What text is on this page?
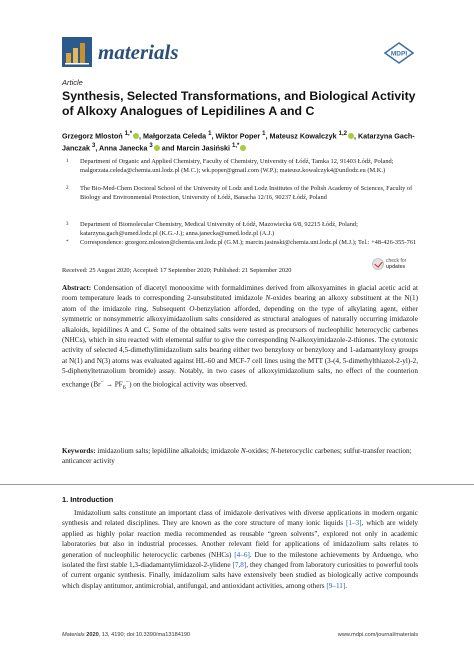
materials	MDPI
Article
Synthesis, Selected Transformations, and Biological Activity of Alkoxy Analogues of Lepidilines A and C
Grzegorz Mlostoń $^{1,*}$ , Małgorzata Celeda $^1$, Wiktor Poper $^1$, Mateusz Kowalczyk $^{1,2}$ , Katarzyna Gach-Janczak $^3$, Anna Janecka $^3$ and Marcin Jasiński $^{1,*}$
1 Department of Organic and Applied Chemistry, Faculty of Chemistry, University of Łódź, Tamka 12, 91403 Łódź, Poland; malgorzata.celeda@chemia.uni.lodz.pl (M.C.); wk.poper@gmail.com (W.P.); mateusz.kowalczyk4@unilodz.eu (M.K.)
2 The Bio-Med-Chem Doctoral School of the University of Lodz and Lodz Institutes of the Polish Academy of Sciences, Faculty of Biology and Environmental Protection, University of Łódź, Banacha 12/16, 90237 Łódź, Poland
3 Department of Biomolecular Chemistry, Medical University of Łódź, Mazowiecka 6/8, 92215 Łódź, Poland; katarzyna.gach@umed.lodz.pl (K.G.-J.); anna.janecka@umed.lodz.pl (A.J.)
* Correspondence: grzegorz.mloston@chemia.uni.lodz.pl (G.M.); marcin.jasinski@chemia.uni.lodz.pl (M.J.); Tel.: +48-426-355-761
Received: 25 August 2020; Accepted: 17 September 2020; Published: 21 September 2020
check for
updates

Abstract: Condensation of diacetyl monooxime with formaldimines derived from alkoxyamines in glacial acetic acid at room temperature leads to corresponding 2-unsubstituted imidazole N-oxides bearing an alkoxy substituent at the N(1) atom of the imidazole ring. Subsequent O-benzylation afforded, depending on the type of alkylating agent, either symmetric or nonsymmetric alkoxyimidazolium salts considered as structural analogues of naturally occurring imidazole alkaloids, lepidilines A and C. Some of the obtained salts were tested as precursors of nucleophilic heterocyclic carbenes (NHCs), which in situ reacted with elemental sulfur to give the corresponding N-alkoxyimidazole-2-thiones. The cytotoxic activity of selected 4,5-dimethylimidazolium salts bearing either two benzyloxy or benzyloxy and 1-adamantyloxy groups at N(1) and N(3) atoms was evaluated against HL-60 and MCF-7 cell lines using the MTT (3-(4, 5-dimethylthiazol-2-yl)-2, 5-diphenyltetrazolium bromide) assay. Notably, in two cases of alkoxyimidazolium salts, no effect of the counterion exchange $(Br^- \to PF_6^-)$ on the biological activity was observed.

Keywords: imidazolium salts; lepidiline alkaloids; imidazole N-oxides; N-heterocyclic carbenes; sulfur-transfer reaction; anticancer activity

1. Introduction

Imidazolium salts constitute an important class of imidazole derivatives with diverse applications in modern organic synthesis and related disciplines. They are known as the core structure of many ionic liquids [1–3], which are widely applied as highly polar reaction media recommended as reusable “green solvents”, explored not only in academic laboratories but also in industrial processes. Another relevant field for applications of imidazolium salts relates to generation of nucleophilic heterocyclic carbenes (NHCs) [4–6]. Due to the milestone achievements by Arduengo, who isolated the first stable 1,3-diadamantylimidazol-2-ylidene [7,8], they changed from laboratory curiosities to powerful tools of current organic synthesis. Finally, imidazolium salts have extensively been studied as biologically active compounds which display antitumor, antimicrobial, antifungal, and antioxidant activities, among others [9–11].

Materials 2020, 13, 4190; doi:10.3390/ma13184190	www.mdpi.com/journal/materials
